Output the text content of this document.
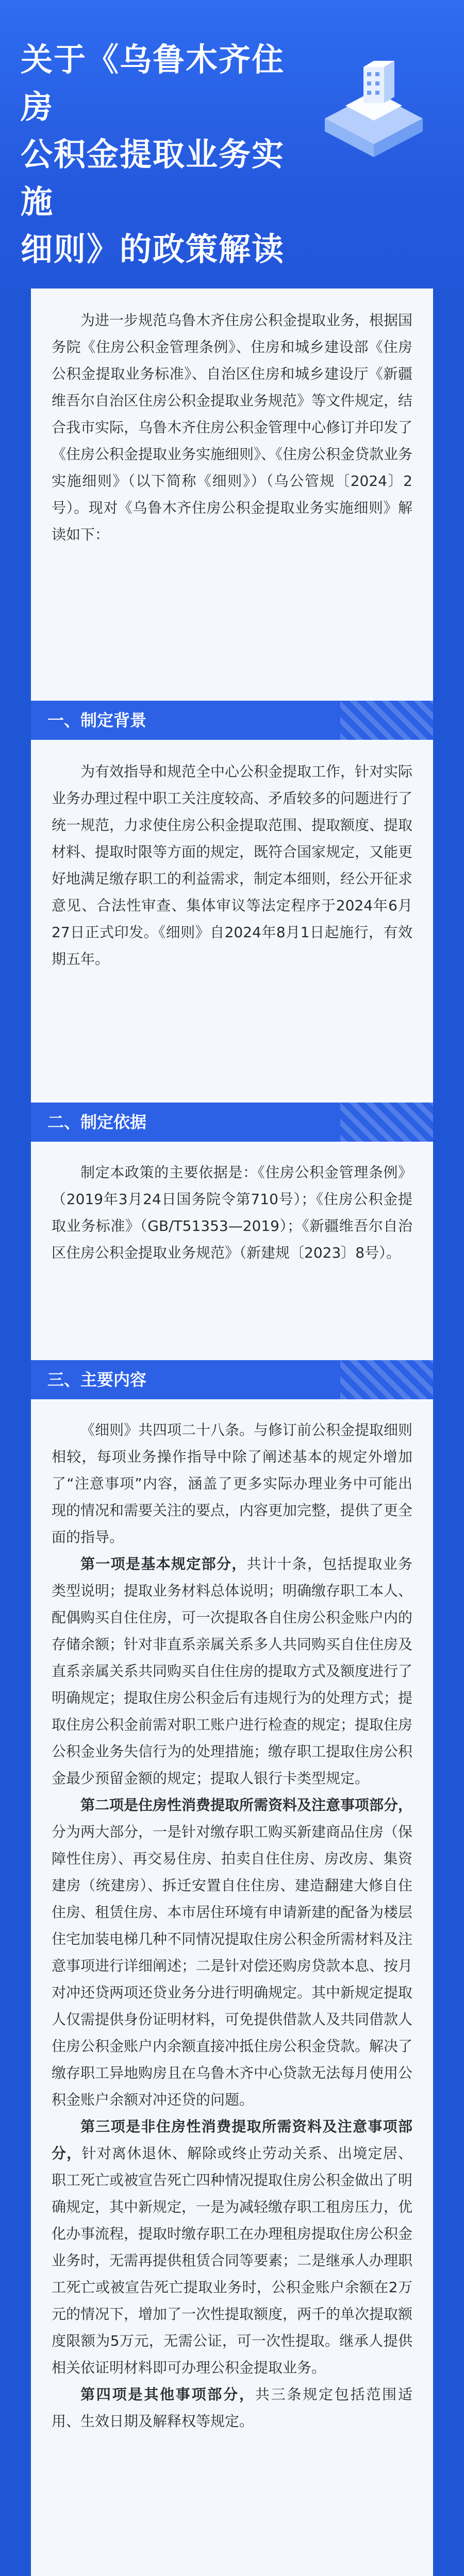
关于《乌鲁木齐住房
公积金提取业务实施
细则》的政策解读

为进一步规范乌鲁木齐住房公积金提取业务，根据国务院《住房公积金管理条例》、住房和城乡建设部《住房公积金提取业务标准》、自治区住房和城乡建设厅《新疆维吾尔自治区住房公积金提取业务规范》等文件规定，结合我市实际，乌鲁木齐住房公积金管理中心修订并印发了《住房公积金提取业务实施细则》、《住房公积金贷款业务实施细则》（以下简称《细则》）（乌公管规〔2024〕2号）。现对《乌鲁木齐住房公积金提取业务实施细则》解读如下：

一、制定背景

为有效指导和规范全中心公积金提取工作，针对实际业务办理过程中职工关注度较高、矛盾较多的问题进行了统一规范，力求使住房公积金提取范围、提取额度、提取材料、提取时限等方面的规定，既符合国家规定，又能更好地满足缴存职工的利益需求，制定本细则，经公开征求意见、合法性审查、集体审议等法定程序于2024年6月27日正式印发。《细则》自2024年8月1日起施行，有效期五年。

二、制定依据

制定本政策的主要依据是：《住房公积金管理条例》（2019年3月24日国务院令第710号）；《住房公积金提取业务标准》（GB/T51353—2019）；《新疆维吾尔自治区住房公积金提取业务规范》（新建规〔2023〕8号）。

三、主要内容

《细则》共四项二十八条。与修订前公积金提取细则相较，每项业务操作指导中除了阐述基本的规定外增加了“注意事项”内容，涵盖了更多实际办理业务中可能出现的情况和需要关注的要点，内容更加完整，提供了更全面的指导。

第一项是基本规定部分，共计十条，包括提取业务类型说明；提取业务材料总体说明；明确缴存职工本人、配偶购买自住住房，可一次提取各自住房公积金账户内的存储余额；针对非直系亲属关系多人共同购买自住住房及直系亲属关系共同购买自住住房的提取方式及额度进行了明确规定；提取住房公积金后有违规行为的处理方式；提取住房公积金前需对职工账户进行检查的规定；提取住房公积金业务失信行为的处理措施；缴存职工提取住房公积金最少预留金额的规定；提取人银行卡类型规定。

第二项是住房性消费提取所需资料及注意事项部分，分为两大部分，一是针对缴存职工购买新建商品住房（保障性住房）、再交易住房、拍卖自住住房、房改房、集资建房（统建房）、拆迁安置自住住房、建造翻建大修自住住房、租赁住房、本市居住环境有申请新建的配备为楼层住宅加装电梯几种不同情况提取住房公积金所需材料及注意事项进行详细阐述；二是针对偿还购房贷款本息、按月对冲还贷两项还贷业务分进行明确规定。其中新规定提取人仅需提供身份证明材料，可免提供借款人及共同借款人住房公积金账户内余额直接冲抵住房公积金贷款。解决了缴存职工异地购房且在乌鲁木齐中心贷款无法每月使用公积金账户余额对冲还贷的问题。

第三项是非住房性消费提取所需资料及注意事项部分，针对离休退休、解除或终止劳动关系、出境定居、职工死亡或被宣告死亡四种情况提取住房公积金做出了明确规定，其中新规定，一是为减轻缴存职工租房压力，优化办事流程，提取时缴存职工在办理租房提取住房公积金业务时，无需再提供租赁合同等要素；二是继承人办理职工死亡或被宣告死亡提取业务时，公积金账户余额在2万元的情况下，增加了一次性提取额度，两千的单次提取额度限额为5万元，无需公证，可一次性提取。继承人提供相关依证明材料即可办理公积金提取业务。

第四项是其他事项部分，共三条规定包括范围适用、生效日期及解释权等规定。
